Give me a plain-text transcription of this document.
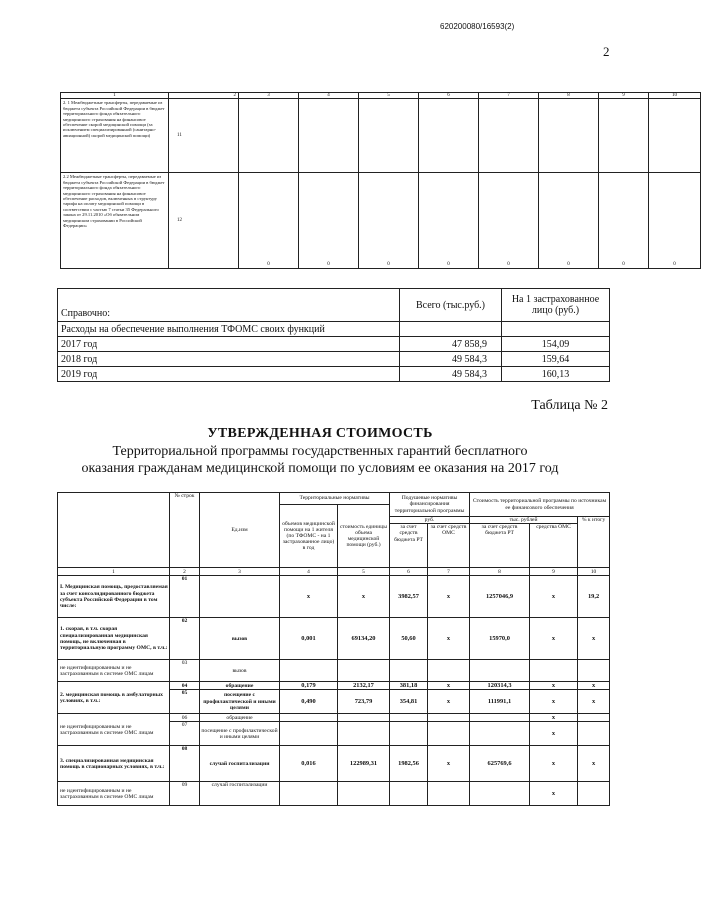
620200080/16593(2)
2
1	2	3	4	5	6	7	8	9	10
2. 1 Межбюджетные трансферты, передаваемые из бюджета субъекта Российской Федерации в бюджет территориального фонда обязательного медицинского страхования на финансовое обеспечение скорой медицинской помощи (за исключением специализированной (санитарно-авиационной) скорой медицинской помощи)	11								
2.2 Межбюджетные трансферты, передаваемые из бюджета субъекта Российской Федерации в бюджет территориального фонда обязательного медицинского страхования на финансовое обеспечение расходов, включенных в структуру тарифа на оплату медицинской помощи в соответствии с частью 7 статьи 35 Федерального закона от 29.11.2010 «Об обязательном медицинском страховании в Российской Федерации»	12	0	0	0	0	0	0	0	0
Справочно:	Всего (тыс.руб.)	На 1 застрахованное лицо (руб.)
Расходы на обеспечение выполнения ТФОМС своих функций		
2017 год	47 858,9	154,09
2018 год	49 584,3	159,64
2019 год	49 584,3	160,13
Таблица № 2
УТВЕРЖДЕННАЯ СТОИМОСТЬ
Территориальной программы государственных гарантий бесплатного
оказания гражданам медицинской помощи по условиям ее оказания на 2017 год
	№ строк	Ед.изм	Территориальные нормативы		Подушевые нормативы финансирования территориальной программы		Стоимость территориальной программы по источникам ее финансового обеспечения		
			объемов медицинской помощи на 1 жителя (по ТФОМС - на 1 застрахованное лицо) в год	стоимость единицы объема медицинской помощи (руб.)					
					руб.		тыс. рублей		% к итогу
					за счет средств бюджета РТ	за счет средств ОМС	за счет средств бюджета РТ	средства ОМС	
1	2	3	4	5	6	7	8	9	10
I. Медицинская помощь, предоставляемая за счет консолидированного бюджета субъекта Российской Федерации в том числе:	01		х	х	3982,57	х	1257046,9	х	19,2
1. скорая, в т.ч. скорая специализированная медицинская помощь, не включенная в территориальную программу ОМС, в т.ч.:	02	вызов	0,001	69134,20	50,60	х	15970,0	х	х
не идентифицированным и не застрахованным в системе ОМС лицам	03	вызов							
2. медицинская помощь в амбулаторных условиях, в т.ч.:	04	обращение	0,179	2132,17	381,18	х	120314,3	х	х
	05	посещение с профилактической и иными целями	0,490	723,79	354,81	х	111991,1	х	х
не идентифицированным и не застрахованным в системе ОМС лицам	06	обращение						х	
	07	посещение с профилактической и иными целями						х	
3. специализированная медицинская помощь в стационарных условиях, в т.ч.:	08	случай госпитализации	0,016	122989,31	1982,56	х	625769,6	х	х
не идентифицированным и не застрахованным в системе ОМС лицам	09	случай госпитализации						х	
